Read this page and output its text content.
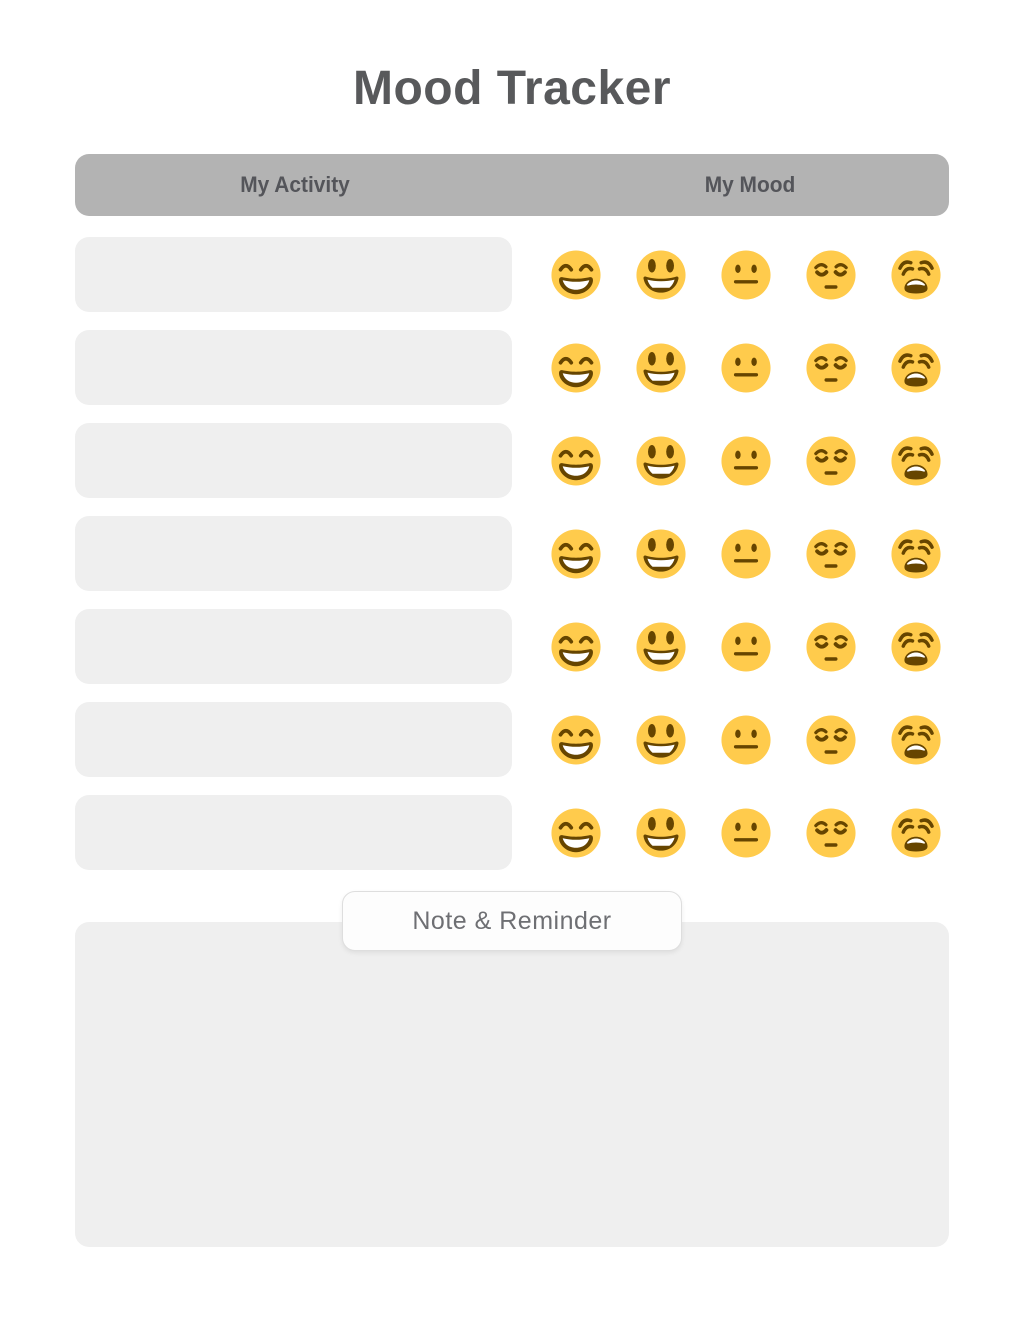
Mood Tracker
My Activity	My Mood
Note & Reminder
